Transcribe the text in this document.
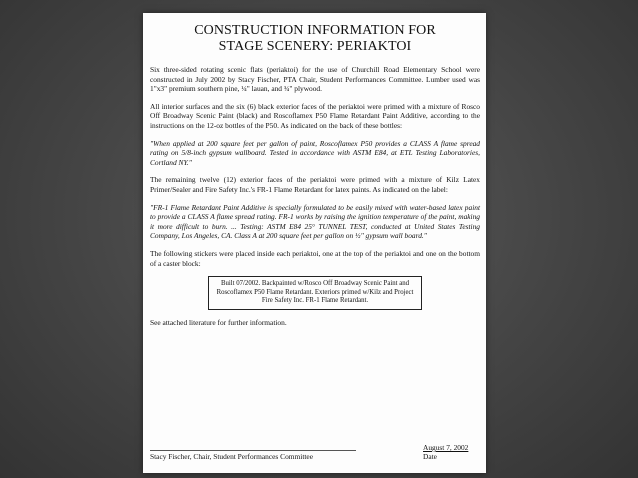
CONSTRUCTION INFORMATION FOR
STAGE SCENERY: PERIAKTOI

Six three-sided rotating scenic flats (periaktoi) for the use of Churchill Road Elementary School were constructed in July 2002 by Stacy Fischer, PTA Chair, Student Performances Committee. Lumber used was 1"x3" premium southern pine, ¼" lauan, and ¾" plywood.

All interior surfaces and the six (6) black exterior faces of the periaktoi were primed with a mixture of Rosco Off Broadway Scenic Paint (black) and Roscoflamex P50 Flame Retardant Paint Additive, according to the instructions on the 12-oz bottles of the P50. As indicated on the back of these bottles:

"When applied at 200 square feet per gallon of paint, Roscoflamex P50 provides a CLASS A flame spread rating on 5/8-inch gypsum wallboard. Tested in accordance with ASTM E84, at ETL Testing Laboratories, Cortland NY."

The remaining twelve (12) exterior faces of the periaktoi were primed with a mixture of Kilz Latex Primer/Sealer and Fire Safety Inc.'s FR-1 Flame Retardant for latex paints. As indicated on the label:

"FR-1 Flame Retardant Paint Additive is specially formulated to be easily mixed with water-based latex paint to provide a CLASS A flame spread rating. FR-1 works by raising the ignition temperature of the paint, making it more difficult to burn. ... Testing: ASTM E84 25° TUNNEL TEST, conducted at United States Testing Company, Los Angeles, CA. Class A at 200 square feet per gallon on ½" gypsum wall board."

The following stickers were placed inside each periaktoi, one at the top of the periaktoi and one on the bottom of a caster block:

Built 07/2002. Backpainted w/Rosco Off Broadway Scenic Paint and
Roscoflamex P50 Flame Retardant. Exteriors primed w/Kilz and Project
Fire Safety Inc. FR-1 Flame Retardant.

See attached literature for further information.

Stacy Fischer, Chair, Student Performances Committee
August 7, 2002
Date
